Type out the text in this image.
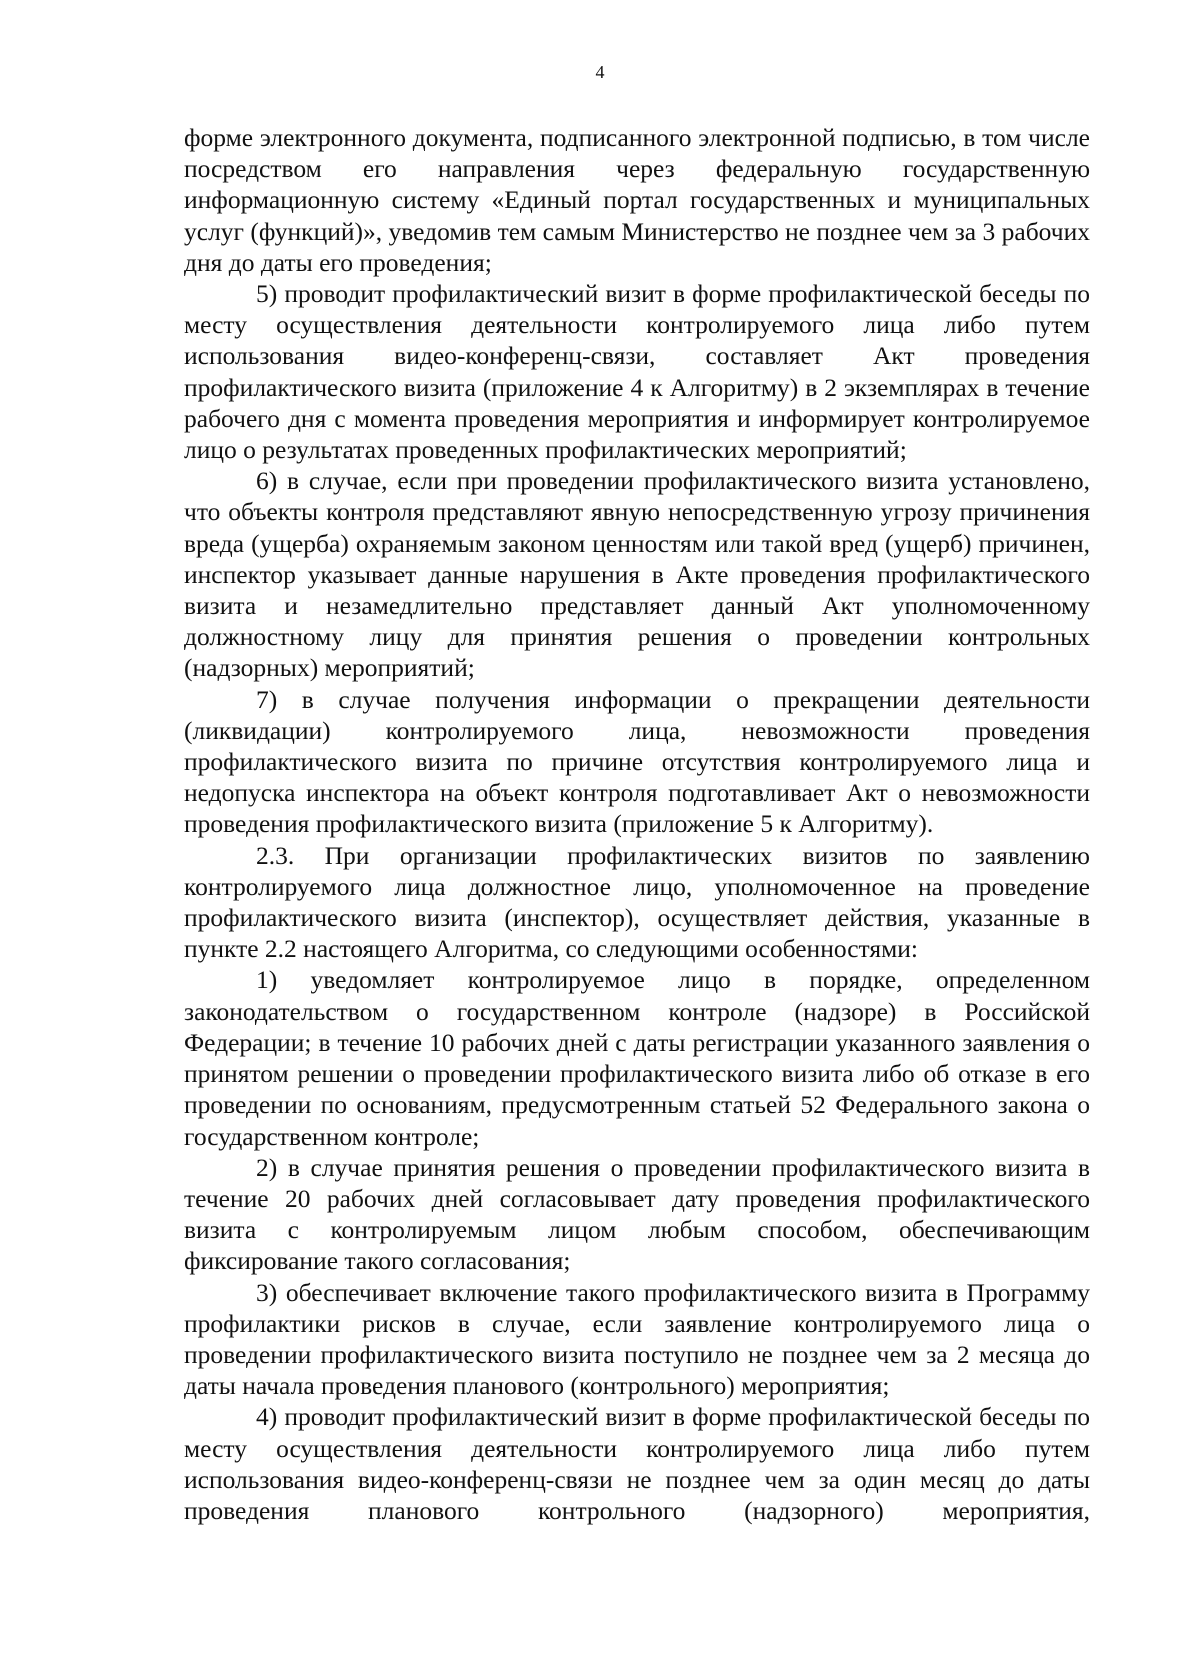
4

форме электронного документа, подписанного электронной подписью, в том числе посредством его направления через федеральную государственную информационную систему «Единый портал государственных и муниципальных услуг (функций)», уведомив тем самым Министерство не позднее чем за 3 рабочих дня до даты его проведения;

5) проводит профилактический визит в форме профилактической беседы по месту осуществления деятельности контролируемого лица либо путем использования видео-конференц-связи, составляет Акт проведения профилактического визита (приложение 4 к Алгоритму) в 2 экземплярах в течение рабочего дня с момента проведения мероприятия и информирует контролируемое лицо о результатах проведенных профилактических мероприятий;

6) в случае, если при проведении профилактического визита установлено, что объекты контроля представляют явную непосредственную угрозу причинения вреда (ущерба) охраняемым законом ценностям или такой вред (ущерб) причинен, инспектор указывает данные нарушения в Акте проведения профилактического визита и незамедлительно представляет данный Акт уполномоченному должностному лицу для принятия решения о проведении контрольных (надзорных) мероприятий;

7) в случае получения информации о прекращении деятельности (ликвидации) контролируемого лица, невозможности проведения профилактического визита по причине отсутствия контролируемого лица и недопуска инспектора на объект контроля подготавливает Акт о невозможности проведения профилактического визита (приложение 5 к Алгоритму).

2.3. При организации профилактических визитов по заявлению контролируемого лица должностное лицо, уполномоченное на проведение профилактического визита (инспектор), осуществляет действия, указанные в пункте 2.2 настоящего Алгоритма, со следующими особенностями:

1) уведомляет контролируемое лицо в порядке, определенном законодательством о государственном контроле (надзоре) в Российской Федерации; в течение 10 рабочих дней с даты регистрации указанного заявления о принятом решении о проведении профилактического визита либо об отказе в его проведении по основаниям, предусмотренным статьей 52 Федерального закона о государственном контроле;

2) в случае принятия решения о проведении профилактического визита в течение 20 рабочих дней согласовывает дату проведения профилактического визита с контролируемым лицом любым способом, обеспечивающим фиксирование такого согласования;

3) обеспечивает включение такого профилактического визита в Программу профилактики рисков в случае, если заявление контролируемого лица о проведении профилактического визита поступило не позднее чем за 2 месяца до даты начала проведения планового (контрольного) мероприятия;

4) проводит профилактический визит в форме профилактической беседы по месту осуществления деятельности контролируемого лица либо путем использования видео-конференц-связи не позднее чем за один месяц до даты проведения планового контрольного (надзорного) мероприятия,
